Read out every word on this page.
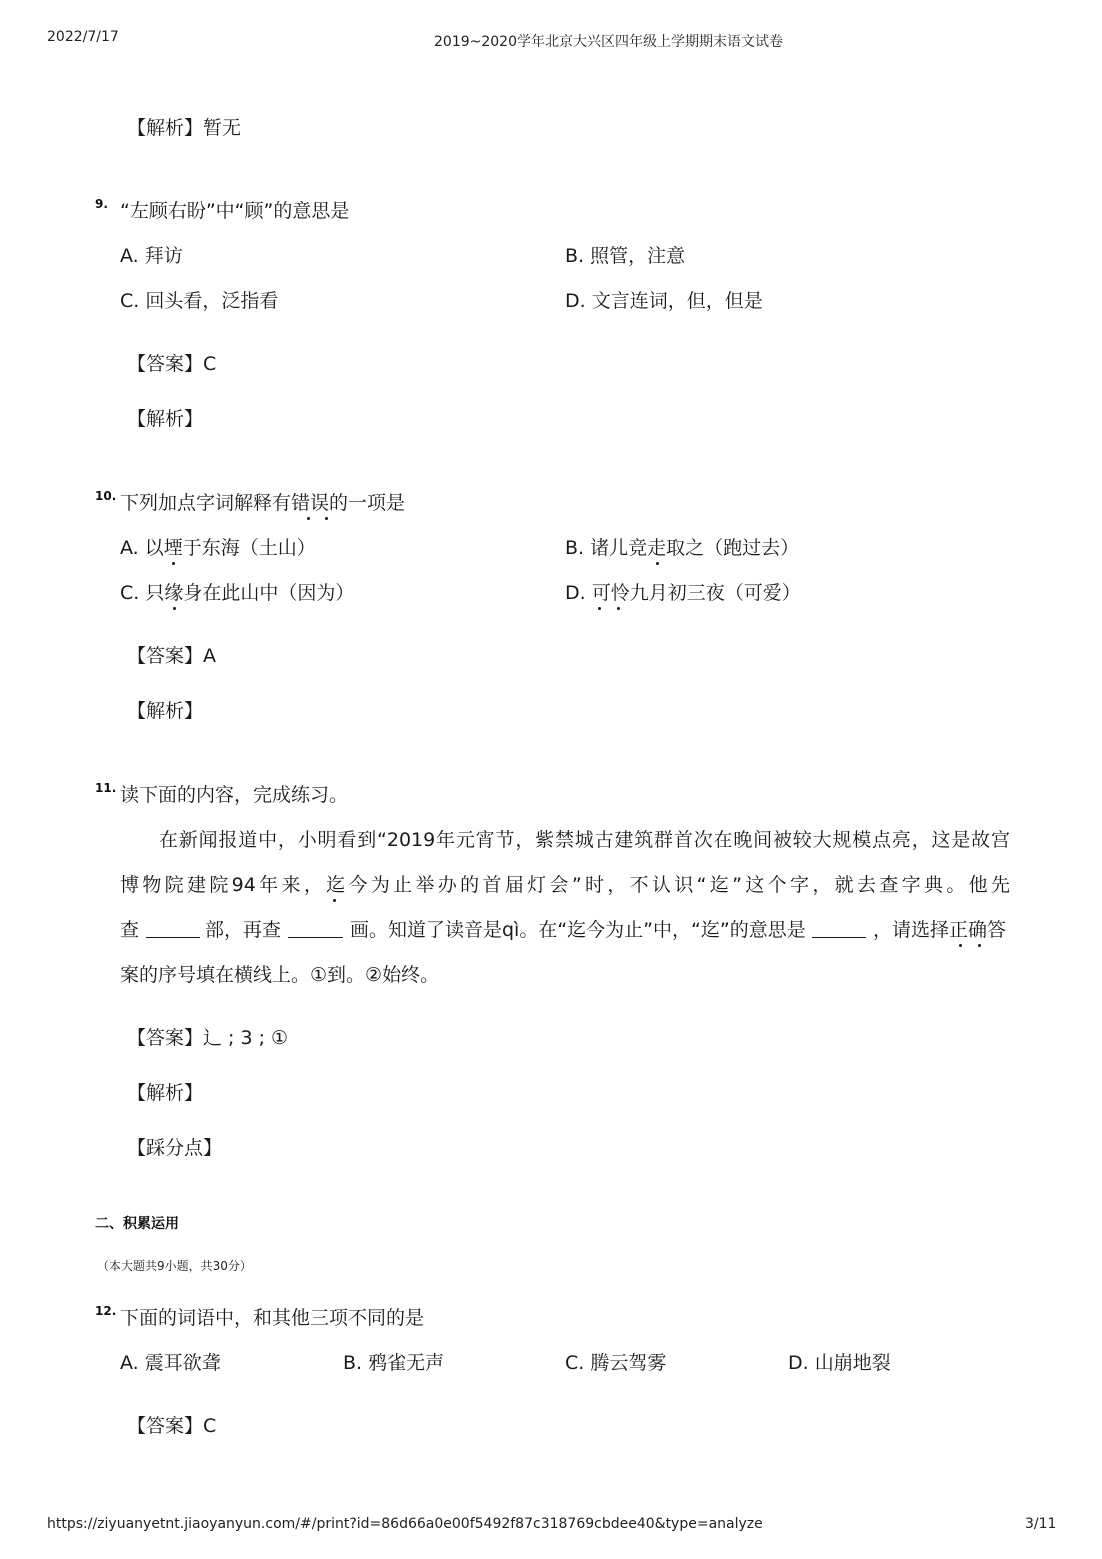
2022/7/17	2019~2020学年北京大兴区四年级上学期期末语文试卷
【解析】暂无
9. “左顾右盼”中“顾”的意思是
A. 拜访	B. 照管，注意
C. 回头看，泛指看	D. 文言连词，但，但是
【答案】C
【解析】
10. 下列加点字词解释有错误的一项是
A. 以堙于东海（土山）	B. 诸儿竞走取之（跑过去）
C. 只缘身在此山中（因为）	D. 可怜九月初三夜（可爱）
【答案】A
【解析】
11. 读下面的内容，完成练习。
在新闻报道中，小明看到“2019年元宵节，紫禁城古建筑群首次在晚间被较大规模点亮，这是故宫
博物院建院94年来，迄今为止举办的首届灯会”时，不认识“迄”这个字，就去查字典。他先
查	部，再查	画。知道了读音是qì。在“迄今为止”中，“迄”的意思是	，请选择正确答
案的序号填在横线上。①到。②始终。
【答案】⻌ ; 3 ; ①
【解析】
【踩分点】
二、积累运用
（本大题共9小题，共30分）
12. 下面的词语中，和其他三项不同的是
A. 震耳欲聋	B. 鸦雀无声	C. 腾云驾雾	D. 山崩地裂
【答案】C
https://ziyuanyetnt.jiaoyanyun.com/#/print?id=86d66a0e00f5492f87c318769cbdee40&type=analyze	3/11
